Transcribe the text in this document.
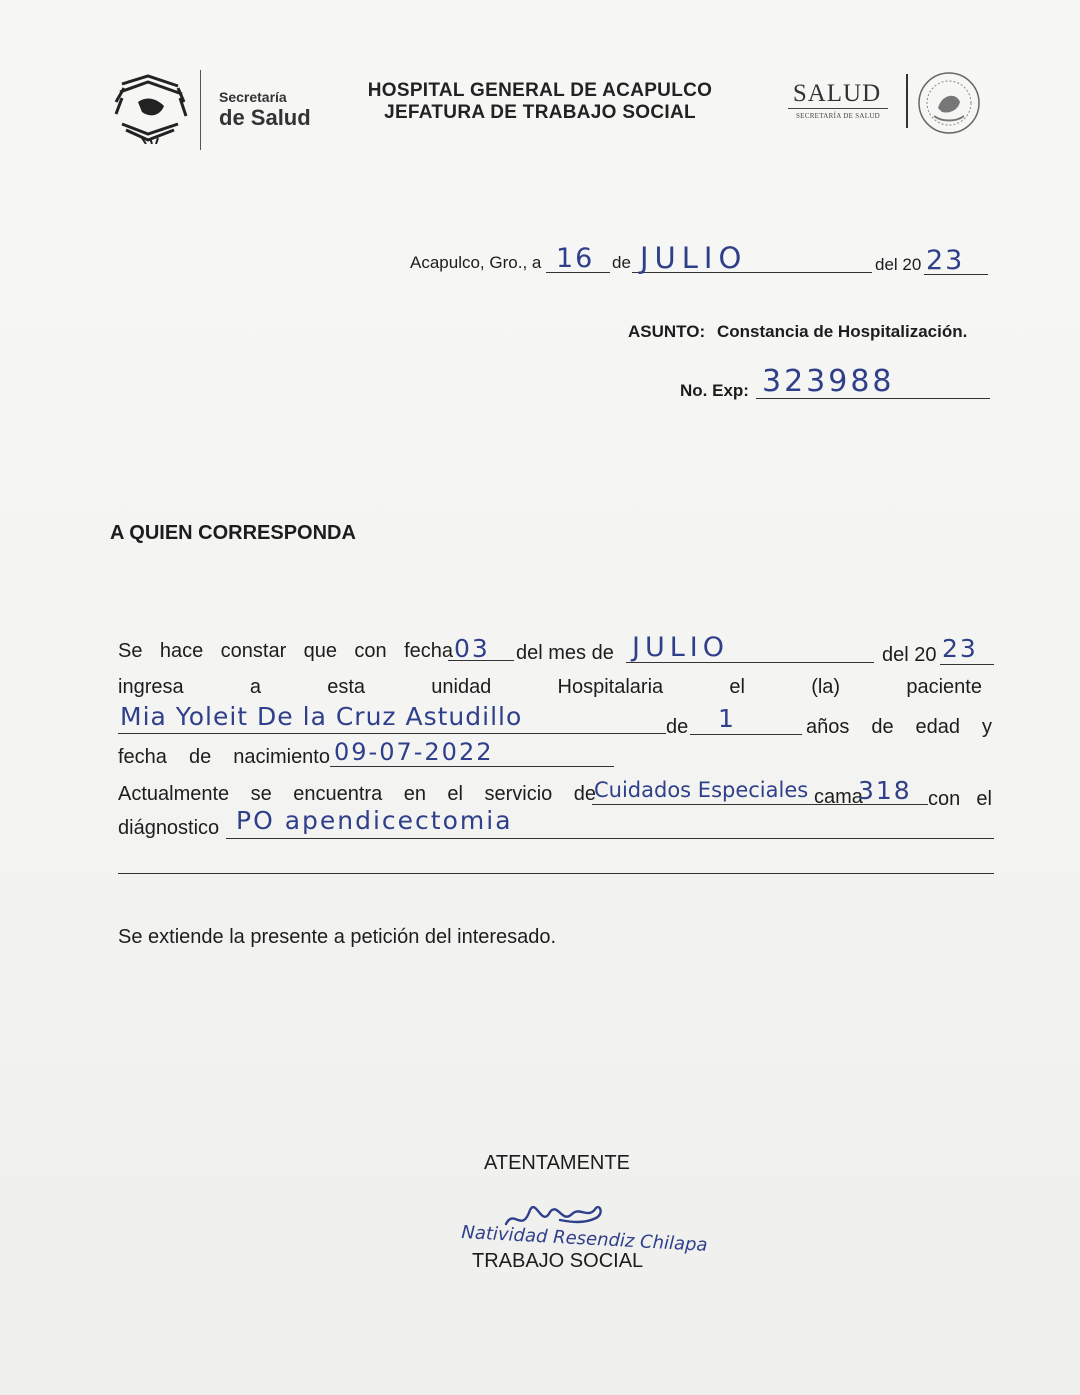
Secretaría
de Salud
HOSPITAL GENERAL DE ACAPULCO
JEFATURA DE TRABAJO SOCIAL
SALUD
SECRETARÍA DE SALUD
Acapulco, Gro., a 16 de JULIO	del 20 23
ASUNTO: Constancia de Hospitalización.
No. Exp: 323988
A QUIEN CORRESPONDA
Se hace constar que con fecha 03 del mes de JULIO	del 20 23
ingresa	a	esta	unidad	Hospitalaria	el	(la)	paciente
Mia Yoleit De la Cruz Astudillo	de 1	años de edad y
fecha de nacimiento 09-07-2022
Actualmente se encuentra en el servicio de
Cuidados Especiales cama
318 con el
diágnostico PO apendicectomia
Se extiende la presente a petición del interesado.
ATENTAMENTE
Natividad Resendiz Chilapa
TRABAJO SOCIAL
